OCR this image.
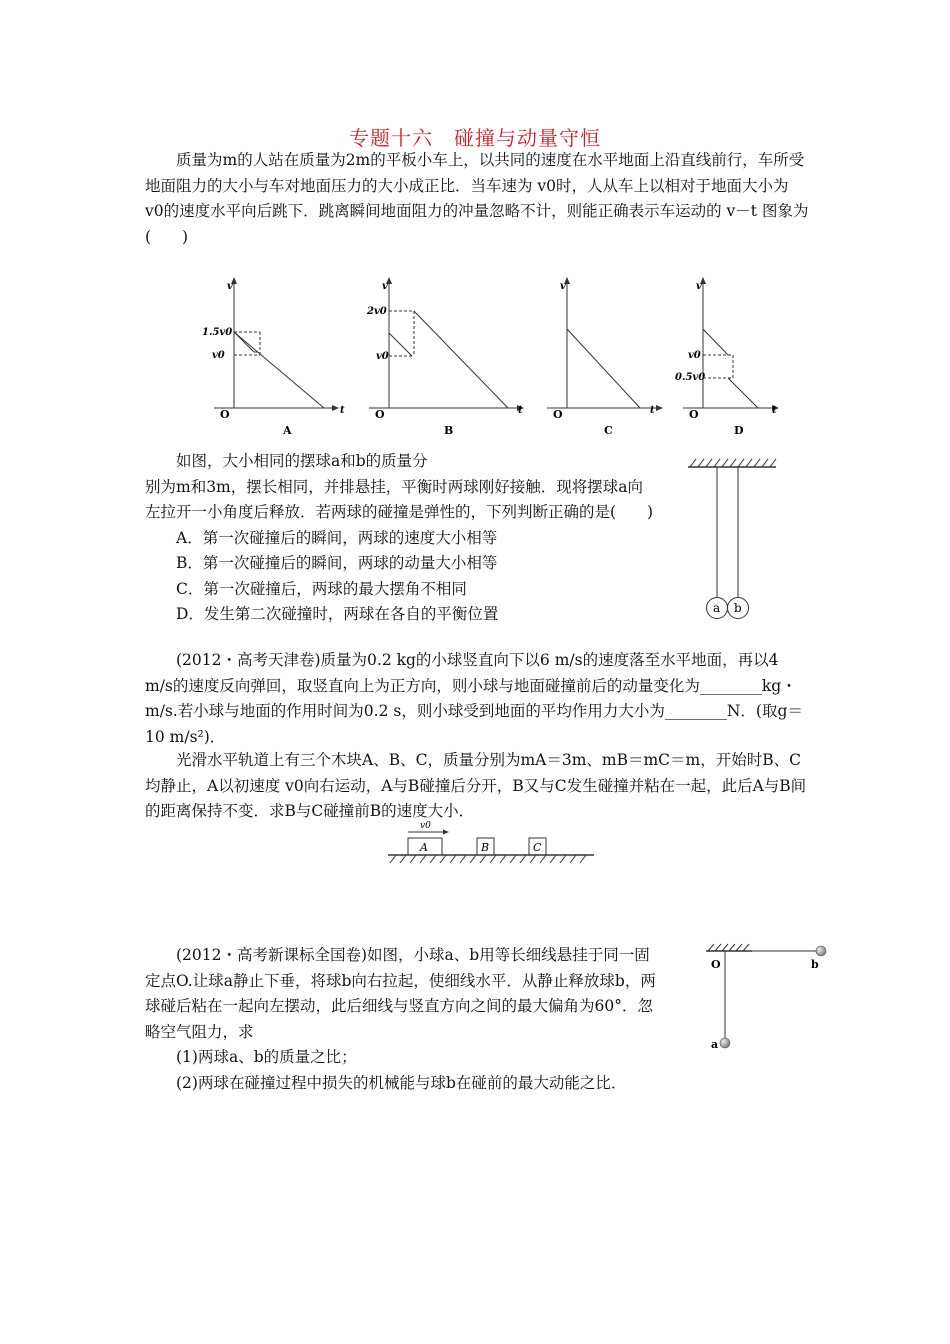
专题十六　碰撞与动量守恒

质量为m的人站在质量为2m的平板小车上，以共同的速度在水平地面上沿直线前行，车所受地面阻力的大小与车对地面压力的大小成正比．当车速为 v0时，人从车上以相对于地面大小为 v0的速度水平向后跳下．跳离瞬间地面阻力的冲量忽略不计，则能正确表示车运动的 v－t 图象为(　　)

v
t
O
1.5v0
v0
A
v
t
O
2v0
v0
B
v
t
O
C
v
t
O
v0
0.5v0
D

如图，大小相同的摆球a和b的质量分

别为m和3m，摆长相同，并排悬挂，平衡时两球刚好接触．现将摆球a向左拉开一小角度后释放．若两球的碰撞是弹性的，下列判断正确的是(　　)

A．第一次碰撞后的瞬间，两球的速度大小相等

B．第一次碰撞后的瞬间，两球的动量大小相等

C．第一次碰撞后，两球的最大摆角不相同

D．发生第二次碰撞时，两球在各自的平衡位置	a b

(2012・高考天津卷)质量为0.2 kg的小球竖直向下以6 m/s的速度落至水平地面，再以4 m/s的速度反向弹回，取竖直向上为正方向，则小球与地面碰撞前后的动量变化为________kg・m/s.若小球与地面的作用时间为0.2 s，则小球受到地面的平均作用力大小为________N．(取g＝10 m/s²)．

光滑水平轨道上有三个木块A、B、C，质量分别为mA＝3m、mB＝mC＝m，开始时B、C均静止，A以初速度 v0向右运动，A与B碰撞后分开，B又与C发生碰撞并粘在一起，此后A与B间的距离保持不变．求B与C碰撞前B的速度大小．

v0
A	B	C

(2012・高考新课标全国卷)如图，小球a、b用等长细线悬挂于同一固定点O.让球a静止下垂，将球b向右拉起，使细线水平．从静止释放球b，两球碰后粘在一起向左摆动，此后细线与竖直方向之间的最大偏角为60°．忽略空气阻力，求

(1)两球a、b的质量之比；

(2)两球在碰撞过程中损失的机械能与球b在碰前的最大动能之比．

O
a
b
